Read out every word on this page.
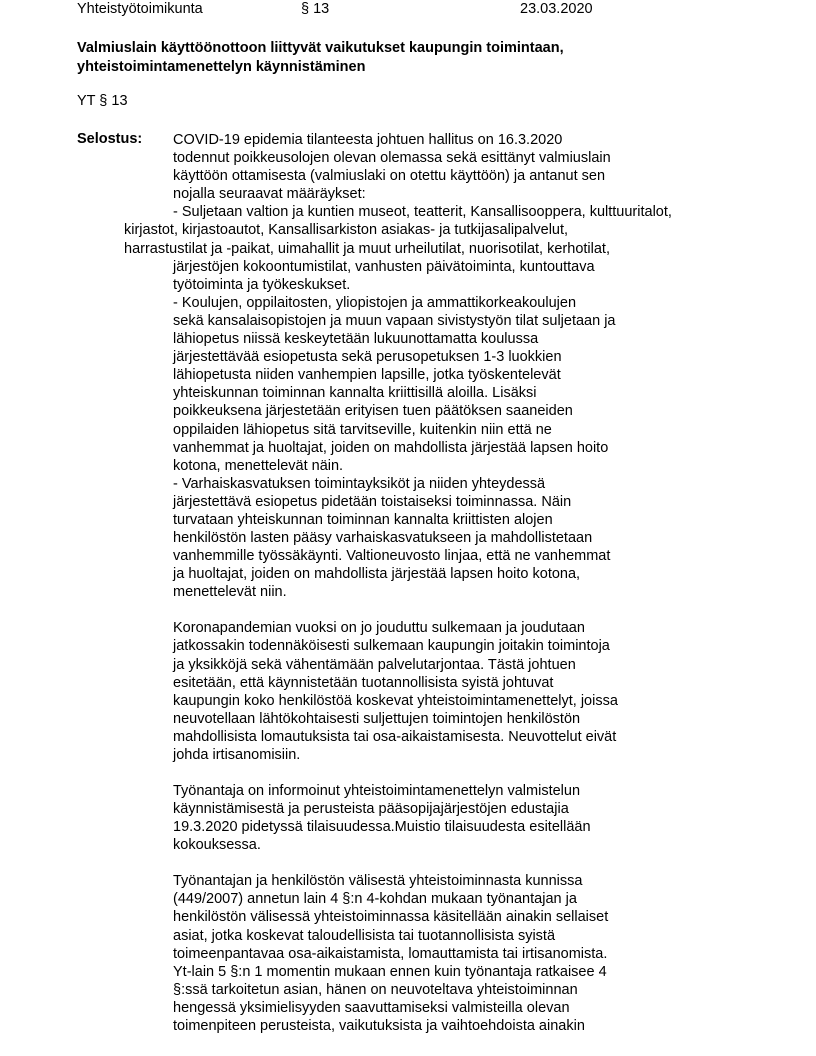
Yhteistyötoimikunta	§ 13	23.03.2020
Valmiuslain käyttöönottoon liittyvät vaikutukset kaupungin toimintaan,
yhteistoimintamenettelyn käynnistäminen
YT § 13
Selostus:	COVID-19 epidemia tilanteesta johtuen hallitus on 16.3.2020
todennut poikkeusolojen olevan olemassa sekä esittänyt valmiuslain
käyttöön ottamisesta (valmiuslaki on otettu käyttöön) ja antanut sen
nojalla seuraavat määräykset:
- Suljetaan valtion ja kuntien museot, teatterit, Kansallisooppera, kulttuuritalot,
kirjastot, kirjastoautot, Kansallisarkiston asiakas- ja tutkijasalipalvelut,
harrastustilat ja -paikat, uimahallit ja muut urheilutilat, nuorisotilat, kerhotilat,
järjestöjen kokoontumistilat, vanhusten päivätoiminta, kuntouttava
työtoiminta ja työkeskukset.
- Koulujen, oppilaitosten, yliopistojen ja ammattikorkeakoulujen
sekä kansalaisopistojen ja muun vapaan sivistystyön tilat suljetaan ja
lähiopetus niissä keskeytetään lukuunottamatta koulussa
järjestettävää esiopetusta sekä perusopetuksen 1-3 luokkien
lähiopetusta niiden vanhempien lapsille, jotka työskentelevät
yhteiskunnan toiminnan kannalta kriittisillä aloilla. Lisäksi
poikkeuksena järjestetään erityisen tuen päätöksen saaneiden
oppilaiden lähiopetus sitä tarvitseville, kuitenkin niin että ne
vanhemmat ja huoltajat, joiden on mahdollista järjestää lapsen hoito
kotona, menettelevät näin.
- Varhaiskasvatuksen toimintayksiköt ja niiden yhteydessä
järjestettävä esiopetus pidetään toistaiseksi toiminnassa. Näin
turvataan yhteiskunnan toiminnan kannalta kriittisten alojen
henkilöstön lasten pääsy varhaiskasvatukseen ja mahdollistetaan
vanhemmille työssäkäynti. Valtioneuvosto linjaa, että ne vanhemmat
ja huoltajat, joiden on mahdollista järjestää lapsen hoito kotona,
menettelevät niin.
Koronapandemian vuoksi on jo jouduttu sulkemaan ja joudutaan
jatkossakin todennäköisesti sulkemaan kaupungin joitakin toimintoja
ja yksikköjä sekä vähentämään palvelutarjontaa. Tästä johtuen
esitetään, että käynnistetään tuotannollisista syistä johtuvat
kaupungin koko henkilöstöä koskevat yhteistoimintamenettelyt, joissa
neuvotellaan lähtökohtaisesti suljettujen toimintojen henkilöstön
mahdollisista lomautuksista tai osa-aikaistamisesta. Neuvottelut eivät
johda irtisanomisiin.
Työnantaja on informoinut yhteistoimintamenettelyn valmistelun
käynnistämisestä ja perusteista pääsopijajärjestöjen edustajia
19.3.2020 pidetyssä tilaisuudessa.Muistio tilaisuudesta esitellään
kokouksessa.
Työnantajan ja henkilöstön välisestä yhteistoiminnasta kunnissa
(449/2007) annetun lain 4 §:n 4-kohdan mukaan työnantajan ja
henkilöstön välisessä yhteistoiminnassa käsitellään ainakin sellaiset
asiat, jotka koskevat taloudellisista tai tuotannollisista syistä
toimeenpantavaa osa-aikaistamista, lomauttamista tai irtisanomista.
Yt-lain 5 §:n 1 momentin mukaan ennen kuin työnantaja ratkaisee 4
§:ssä tarkoitetun asian, hänen on neuvoteltava yhteistoiminnan
hengessä yksimielisyyden saavuttamiseksi valmisteilla olevan
toimenpiteen perusteista, vaikutuksista ja vaihtoehdoista ainakin
